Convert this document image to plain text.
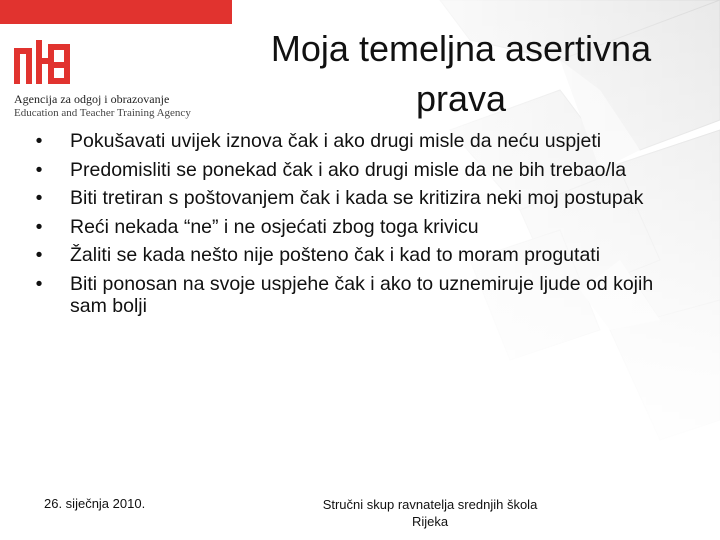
Agencija za odgoj i obrazovanje
Education and Teacher Training Agency
Moja temeljna asertivna
prava
• Pokušavati uvijek iznova čak i ako drugi misle da neću uspjeti
• Predomisliti se ponekad čak i ako drugi misle da ne bih trebao/la
• Biti tretiran s poštovanjem čak i kada se kritizira neki moj postupak
• Reći nekada “ne” i ne osjećati zbog toga krivicu
• Žaliti se kada nešto nije pošteno čak i kad to moram progutati
• Biti ponosan na svoje uspjehe čak i ako to uznemiruje ljude od kojih sam bolji
26. siječnja 2010.	Stručni skup ravnatelja srednjih škola
Rijeka
